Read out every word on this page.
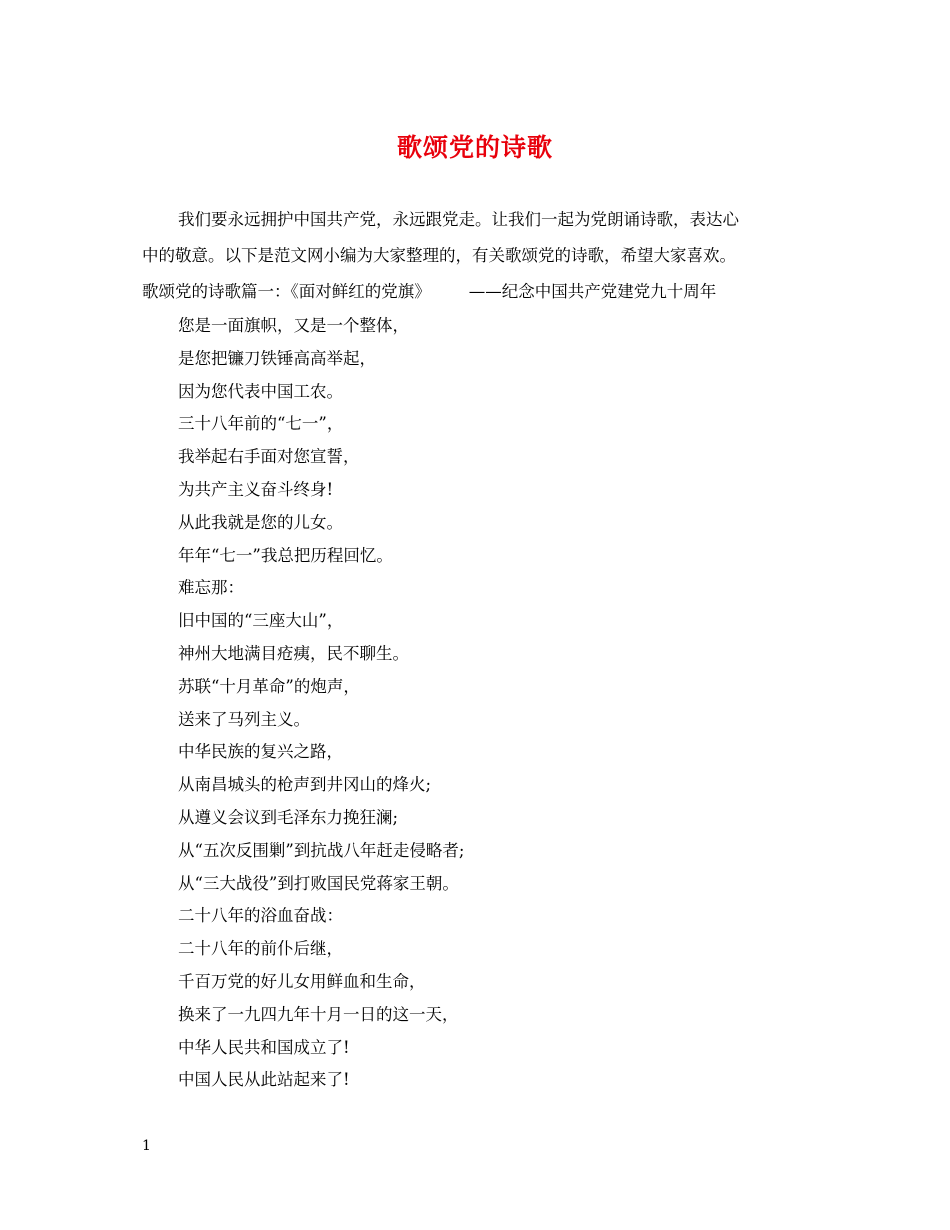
歌颂党的诗歌
我们要永远拥护中国共产党，永远跟党走。让我们一起为党朗诵诗歌，表达心
中的敬意。以下是范文网小编为大家整理的，有关歌颂党的诗歌，希望大家喜欢。
歌颂党的诗歌篇一：《面对鲜红的党旗》 ——纪念中国共产党建党九十周年
您是一面旗帜，又是一个整体，
是您把镰刀铁锤高高举起，
因为您代表中国工农。
三十八年前的“七一”，
我举起右手面对您宣誓，
为共产主义奋斗终身!
从此我就是您的儿女。
年年“七一”我总把历程回忆。
难忘那：
旧中国的“三座大山”，
神州大地满目疮痍，民不聊生。
苏联“十月革命”的炮声，
送来了马列主义。
中华民族的复兴之路，
从南昌城头的枪声到井冈山的烽火;
从遵义会议到毛泽东力挽狂澜;
从“五次反围剿”到抗战八年赶走侵略者;
从“三大战役”到打败国民党蒋家王朝。
二十八年的浴血奋战：
二十八年的前仆后继，
千百万党的好儿女用鲜血和生命，
换来了一九四九年十月一日的这一天，
中华人民共和国成立了!
中国人民从此站起来了!
1
